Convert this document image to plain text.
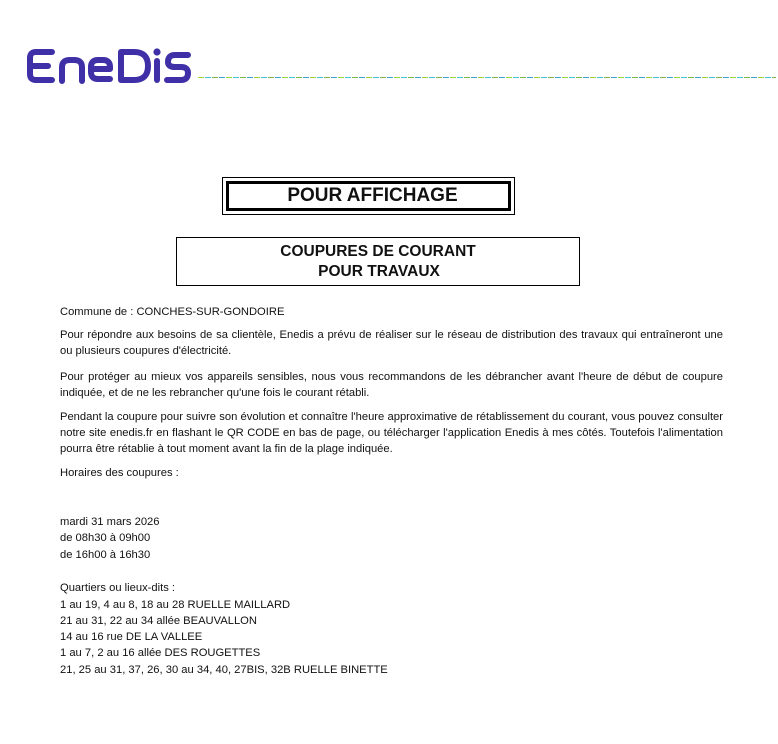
ENEDIS
POUR AFFICHAGE
COUPURES DE COURANT
POUR TRAVAUX
Commune de : CONCHES-SUR-GONDOIRE
Pour répondre aux besoins de sa clientèle, Enedis a prévu de réaliser sur le réseau de distribution des travaux qui entraîneront une ou plusieurs coupures d'électricité.
Pour protéger au mieux vos appareils sensibles, nous vous recommandons de les débrancher avant l'heure de début de coupure indiquée, et de ne les rebrancher qu'une fois le courant rétabli.
Pendant la coupure pour suivre son évolution et connaître l'heure approximative de rétablissement du courant, vous pouvez consulter notre site enedis.fr en flashant le QR CODE en bas de page, ou télécharger l'application Enedis à mes côtés. Toutefois l'alimentation pourra être rétablie à tout moment avant la fin de la plage indiquée.
Horaires des coupures :
mardi 31 mars 2026
de 08h30 à 09h00
de 16h00 à 16h30
Quartiers ou lieux-dits :
1 au 19, 4 au 8, 18 au 28 RUELLE MAILLARD
21 au 31, 22 au 34 allée BEAUVALLON
14 au 16 rue DE LA VALLEE
1 au 7, 2 au 16 allée DES ROUGETTES
21, 25 au 31, 37, 26, 30 au 34, 40, 27BIS, 32B RUELLE BINETTE
